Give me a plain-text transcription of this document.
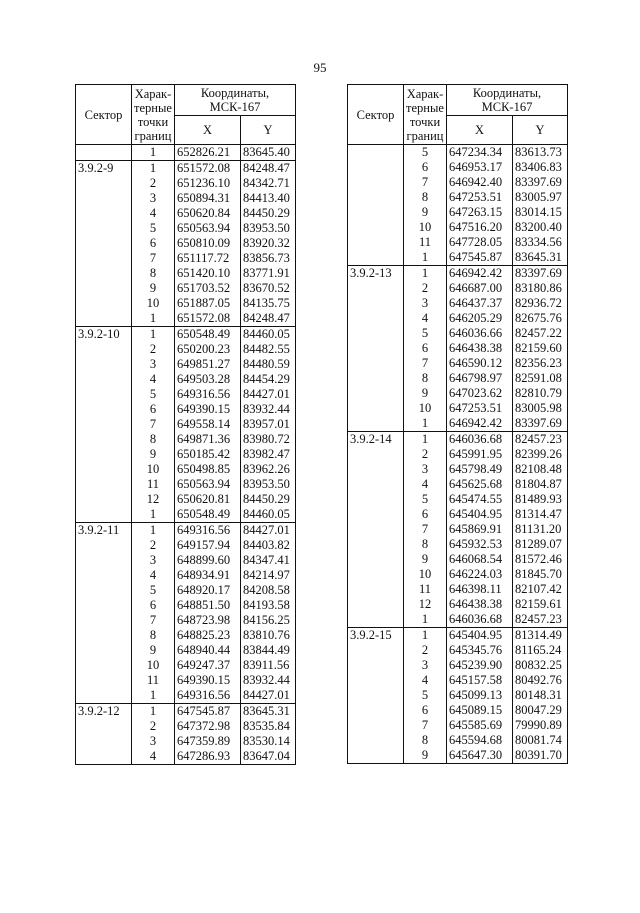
95
Сектор	Харак-терные точки границ	Координаты, МСК-167	
		X	Y
	1	652826.21	83645.40
3.9.2-9	1	651572.08	84248.47
	2	651236.10	84342.71
	3	650894.31	84413.40
	4	650620.84	84450.29
	5	650563.94	83953.50
	6	650810.09	83920.32
	7	651117.72	83856.73
	8	651420.10	83771.91
	9	651703.52	83670.52
	10	651887.05	84135.75
	1	651572.08	84248.47
3.9.2-10	1	650548.49	84460.05
	2	650200.23	84482.55
	3	649851.27	84480.59
	4	649503.28	84454.29
	5	649316.56	84427.01
	6	649390.15	83932.44
	7	649558.14	83957.01
	8	649871.36	83980.72
	9	650185.42	83982.47
	10	650498.85	83962.26
	11	650563.94	83953.50
	12	650620.81	84450.29
	1	650548.49	84460.05
3.9.2-11	1	649316.56	84427.01
	2	649157.94	84403.82
	3	648899.60	84347.41
	4	648934.91	84214.97
	5	648920.17	84208.58
	6	648851.50	84193.58
	7	648723.98	84156.25
	8	648825.23	83810.76
	9	648940.44	83844.49
	10	649247.37	83911.56
	11	649390.15	83932.44
	1	649316.56	84427.01
3.9.2-12	1	647545.87	83645.31
	2	647372.98	83535.84
	3	647359.89	83530.14
	4	647286.93	83647.04
Сектор	Харак-терные точки границ	Координаты, МСК-167	
		X	Y
	5	647234.34	83613.73
	6	646953.17	83406.83
	7	646942.40	83397.69
	8	647253.51	83005.97
	9	647263.15	83014.15
	10	647516.20	83200.40
	11	647728.05	83334.56
	1	647545.87	83645.31
3.9.2-13	1	646942.42	83397.69
	2	646687.00	83180.86
	3	646437.37	82936.72
	4	646205.29	82675.76
	5	646036.66	82457.22
	6	646438.38	82159.60
	7	646590.12	82356.23
	8	646798.97	82591.08
	9	647023.62	82810.79
	10	647253.51	83005.98
	1	646942.42	83397.69
3.9.2-14	1	646036.68	82457.23
	2	645991.95	82399.26
	3	645798.49	82108.48
	4	645625.68	81804.87
	5	645474.55	81489.93
	6	645404.95	81314.47
	7	645869.91	81131.20
	8	645932.53	81289.07
	9	646068.54	81572.46
	10	646224.03	81845.70
	11	646398.11	82107.42
	12	646438.38	82159.61
	1	646036.68	82457.23
3.9.2-15	1	645404.95	81314.49
	2	645345.76	81165.24
	3	645239.90	80832.25
	4	645157.58	80492.76
	5	645099.13	80148.31
	6	645089.15	80047.29
	7	645585.69	79990.89
	8	645594.68	80081.74
	9	645647.30	80391.70
